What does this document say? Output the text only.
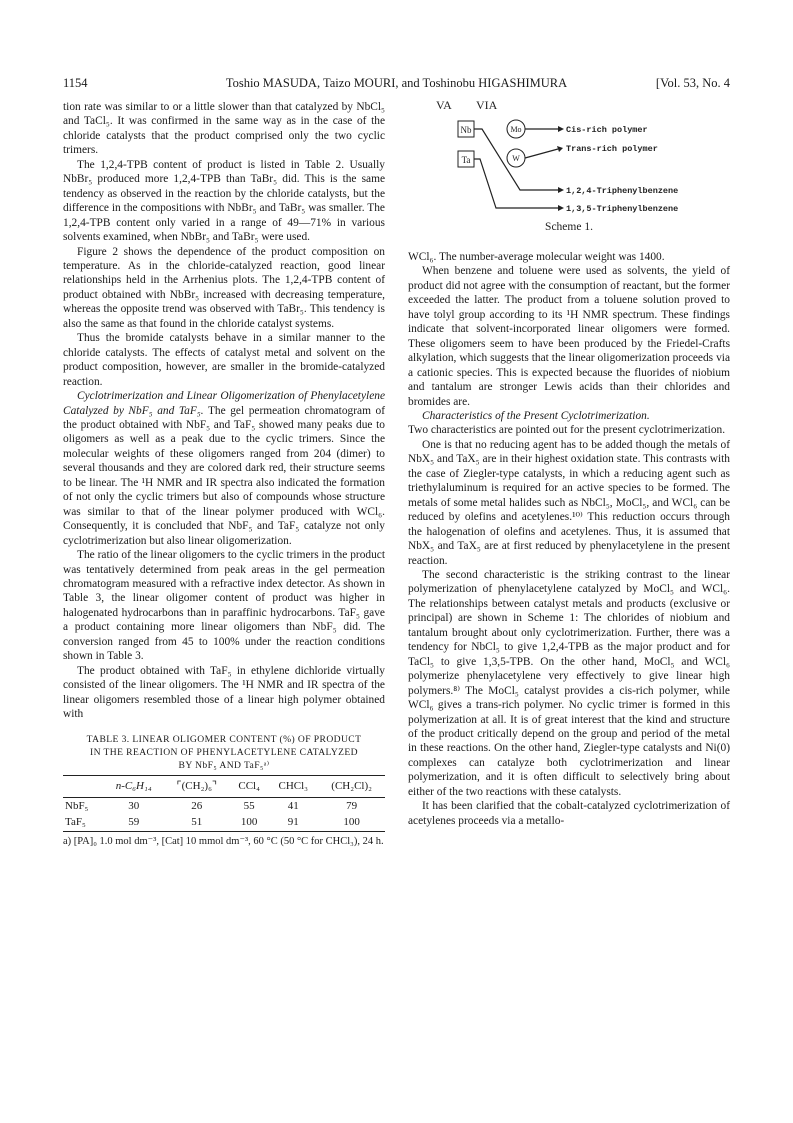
1154	Toshio MASUDA, Taizo MOURI, and Toshinobu HIGASHIMURA	[Vol. 53, No. 4

tion rate was similar to or a little slower than that catalyzed by NbCl₅ and TaCl₅. It was confirmed in the same way as in the case of the chloride catalysts that the product comprised only the two cyclic trimers.

The 1,2,4-TPB content of product is listed in Table 2. Usually NbBr₅ produced more 1,2,4-TPB than TaBr₅ did. This is the same tendency as observed in the reaction by the chloride catalysts, but the difference in the compositions with NbBr₅ and TaBr₅ was smaller. The 1,2,4-TPB content only varied in a range of 49—71% in various solvents examined, when NbBr₅ and TaBr₅ were used.

Figure 2 shows the dependence of the product composition on temperature. As in the chloride-catalyzed reaction, good linear relationships held in the Arrhenius plots. The 1,2,4-TPB content of product obtained with NbBr₅ increased with decreasing temperature, whereas the opposite trend was observed with TaBr₅. This tendency is also the same as that found in the chloride catalyst systems.

Thus the bromide catalysts behave in a similar manner to the chloride catalysts. The effects of catalyst metal and solvent on the product composition, however, are smaller in the bromide-catalyzed reaction.

Cyclotrimerization and Linear Oligomerization of Phenylacetylene Catalyzed by NbF₅ and TaF₅. The gel permeation chromatogram of the product obtained with NbF₅ and TaF₅ showed many peaks due to oligomers as well as a peak due to the cyclic trimers. Since the molecular weights of these oligomers ranged from 204 (dimer) to several thousands and they are colored dark red, their structure seems to be linear. The ¹H NMR and IR spectra also indicated the formation of not only the cyclic trimers but also of compounds whose structure was similar to that of the linear polymer produced with WCl₆. Consequently, it is concluded that NbF₅ and TaF₅ catalyze not only cyclotrimerization but also linear oligomerization.

The ratio of the linear oligomers to the cyclic trimers in the product was tentatively determined from peak areas in the gel permeation chromatogram measured with a refractive index detector. As shown in Table 3, the linear oligomer content of product was higher in halogenated hydrocarbons than in paraffinic hydrocarbons. TaF₅ gave a product containing more linear oligomers than NbF₅ did. The conversion ranged from 45 to 100% under the reaction conditions shown in Table 3.

The product obtained with TaF₅ in ethylene dichloride virtually consisted of the linear oligomers. The ¹H NMR and IR spectra of the linear oligomers resembled those of a linear high polymer obtained with

TABLE 3. LINEAR OLIGOMER CONTENT (%) OF PRODUCT
IN THE REACTION OF PHENYLACETYLENE CATALYZED
BY NbF₅ AND TaF₅ᵃ⁾
	n-C₆H₁₄	⌜(CH₂)₆⌝	CCl₄	CHCl₃	(CH₂Cl)₂
NbF₅	30	26	55	41	79
TaF₅	59	51	100	91	100

a) [PA]₀ 1.0 mol dm⁻³, [Cat] 10 mmol dm⁻³, 60 °C (50 °C for CHCl₃), 24 h.

VA VIA
Nb
Ta
Mo
W
Cis-rich polymer
Trans-rich polymer
1,2,4-Triphenylbenzene
1,3,5-Triphenylbenzene
Scheme 1.

WCl₆. The number-average molecular weight was 1400.

When benzene and toluene were used as solvents, the yield of product did not agree with the consumption of reactant, but the former exceeded the latter. The product from a toluene solution proved to have tolyl group according to its ¹H NMR spectrum. These findings indicate that solvent-incorporated linear oligomers were formed. These oligomers seem to have been produced by the Friedel-Crafts alkylation, which suggests that the linear oligomerization proceeds via a cationic species. This is expected because the fluorides of niobium and tantalum are stronger Lewis acids than their chlorides and bromides are.

Characteristics of the Present Cyclotrimerization.

Two characteristics are pointed out for the present cyclotrimerization.

One is that no reducing agent has to be added though the metals of NbX₅ and TaX₅ are in their highest oxidation state. This contrasts with the case of Ziegler-type catalysts, in which a reducing agent such as triethylaluminum is required for an active species to be formed. The metals of some metal halides such as NbCl₅, MoCl₅, and WCl₆ can be reduced by olefins and acetylenes.¹⁰⁾ This reduction occurs through the halogenation of olefins and acetylenes. Thus, it is assumed that NbX₅ and TaX₅ are at first reduced by phenylacetylene in the present reaction.

The second characteristic is the striking contrast to the linear polymerization of phenylacetylene catalyzed by MoCl₅ and WCl₆. The relationships between catalyst metals and products (exclusive or principal) are shown in Scheme 1: The chlorides of niobium and tantalum brought about only cyclotrimerization. Further, there was a tendency for NbCl₅ to give 1,2,4-TPB as the major product and for TaCl₅ to give 1,3,5-TPB. On the other hand, MoCl₅ and WCl₆ polymerize phenylacetylene very effectively to give linear high polymers.⁸⁾ The MoCl₅ catalyst provides a cis-rich polymer, while WCl₆ gives a trans-rich polymer. No cyclic trimer is formed in this polymerization at all. It is of great interest that the kind and structure of the product critically depend on the group and period of the metal in these reactions. On the other hand, Ziegler-type catalysts and Ni(0) complexes can catalyze both cyclotrimerization and linear polymerization, and it is often difficult to selectively bring about either of the two reactions with these catalysts.

It has been clarified that the cobalt-catalyzed cyclotrimerization of acetylenes proceeds via a metallo-
